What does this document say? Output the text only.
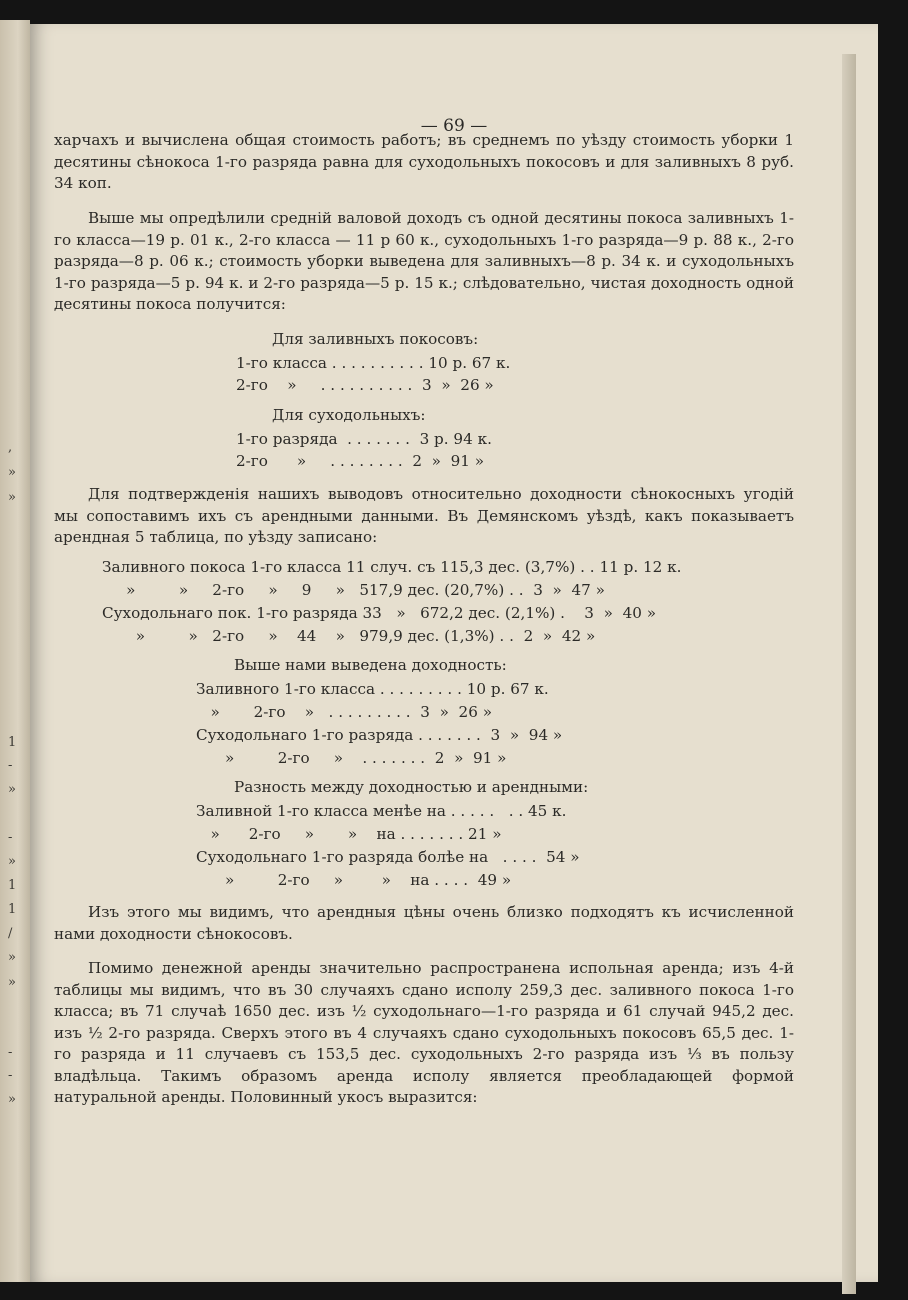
,
»
»
1
-
»
-
»
1
1
/
»
»
-
-
»
— 69 —
харчахъ и вычислена общая стоимость работъ; въ среднемъ по уѣзду стоимость уборки 1 десятины сѣнокоса 1-го разряда равна для суходольныхъ покосовъ и для заливныхъ 8 руб. 34 коп.
Выше мы опредѣлили средній валовой доходъ съ одной десятины покоса заливныхъ 1-го класса—19 р. 01 к., 2-го класса — 11 р 60 к., суходольныхъ 1-го разряда—9 р. 88 к., 2-го разряда—8 р. 06 к.; стоимость уборки выведена для заливныхъ—8 р. 34 к. и суходольныхъ 1-го разряда—5 р. 94 к. и 2-го разряда—5 р. 15 к.; слѣдовательно, чистая доходность одной десятины покоса получится:
Для заливныхъ покосовъ:
1-го класса . . . . . . . . . . 10 р. 67 к.
2-го    »     . . . . . . . . . .  3  »  26 »
Для суходольныхъ:
1-го разряда  . . . . . . .  3 р. 94 к.
2-го      »     . . . . . . . .  2  »  91 »
Для подтвержденія нашихъ выводовъ относительно доходности сѣнокосныхъ угодій мы сопоставимъ ихъ съ арендными данными. Въ Демянскомъ уѣздѣ, какъ показываетъ арендная 5 таблица, по уѣзду записано:
Заливного покоса 1-го класса 11 случ. съ 115,3 дес. (3,7%) . . 11 р. 12 к.
»         »     2-го     »     9     »   517,9 дес. (20,7%) . .  3  »  47 »
Суходольнаго пок. 1-го разряда 33   »   672,2 дес. (2,1%) .    3  »  40 »
»         »   2-го     »    44    »   979,9 дес. (1,3%) . .  2  »  42 »
Выше нами выведена доходность:
Заливного 1-го класса . . . . . . . . . 10 р. 67 к.
»       2-го    »   . . . . . . . . .  3  »  26 »
Суходольнаго 1-го разряда . . . . . . .  3  »  94 »
»         2-го     »    . . . . . . .  2  »  91 »
Разность между доходностью и арендными:
Заливной 1-го класса менѣе на . . . . .   . . 45 к.
»      2-го     »       »    на . . . . . . . 21 »
Суходольнаго 1-го разряда болѣе на   . . . .  54 »
»         2-го     »        »    на . . . .  49 »
Изъ этого мы видимъ, что арендныя цѣны очень близко подходятъ къ исчисленной нами доходности сѣнокосовъ.
Помимо денежной аренды значительно распространена испольная аренда; изъ 4-й таблицы мы видимъ, что въ 30 случаяхъ сдано исполу 259,3 дес. заливного покоса 1-го класса; въ 71 случаѣ 1650 дес. изъ ½ суходольнаго—1-го разряда и 61 случай 945,2 дес. изъ ½ 2-го разряда. Сверхъ этого въ 4 случаяхъ сдано суходольныхъ покосовъ 65,5 дес. 1-го разряда и 11 случаевъ съ 153,5 дес. суходольныхъ 2-го разряда изъ ⅓ въ пользу владѣльца. Такимъ образомъ аренда исполу является преобладающей формой натуральной аренды. Половинный укосъ выразится:
